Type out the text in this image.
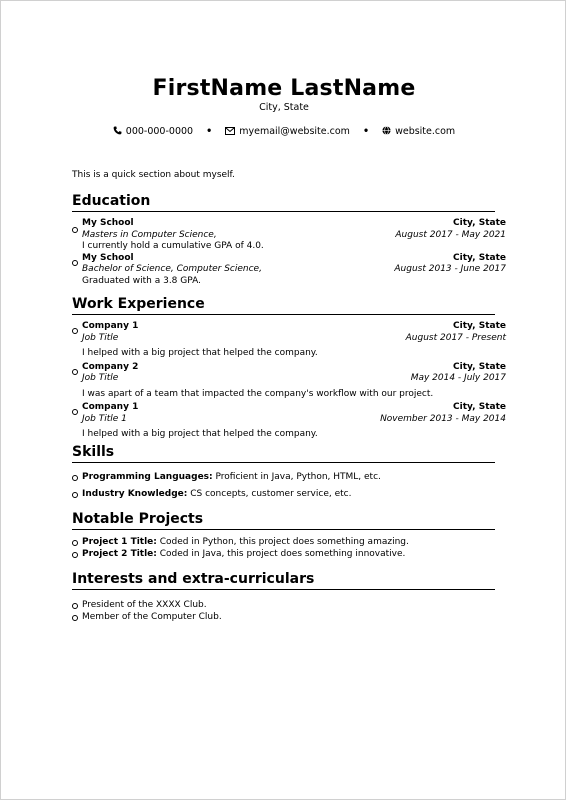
FirstName LastName
City, State
000-000-0000 •	myemail@website.com •	website.com
This is a quick section about myself.
Education
My School	City, State
Masters in Computer Science,	August 2017 - May 2021
I currently hold a cumulative GPA of 4.0.
My School	City, State
Bachelor of Science, Computer Science,	August 2013 - June 2017
Graduated with a 3.8 GPA.
Work Experience
Company 1	City, State
Job Title	August 2017 - Present
I helped with a big project that helped the company.
Company 2	City, State
Job Title	May 2014 - July 2017
I was apart of a team that impacted the company's workflow with our project.
Company 1	City, State
Job Title 1	November 2013 - May 2014
I helped with a big project that helped the company.
Skills
Programming Languages: Proficient in Java, Python, HTML, etc.
Industry Knowledge: CS concepts, customer service, etc.
Notable Projects
Project 1 Title: Coded in Python, this project does something amazing.
Project 2 Title: Coded in Java, this project does something innovative.
Interests and extra-curriculars
President of the XXXX Club.
Member of the Computer Club.
